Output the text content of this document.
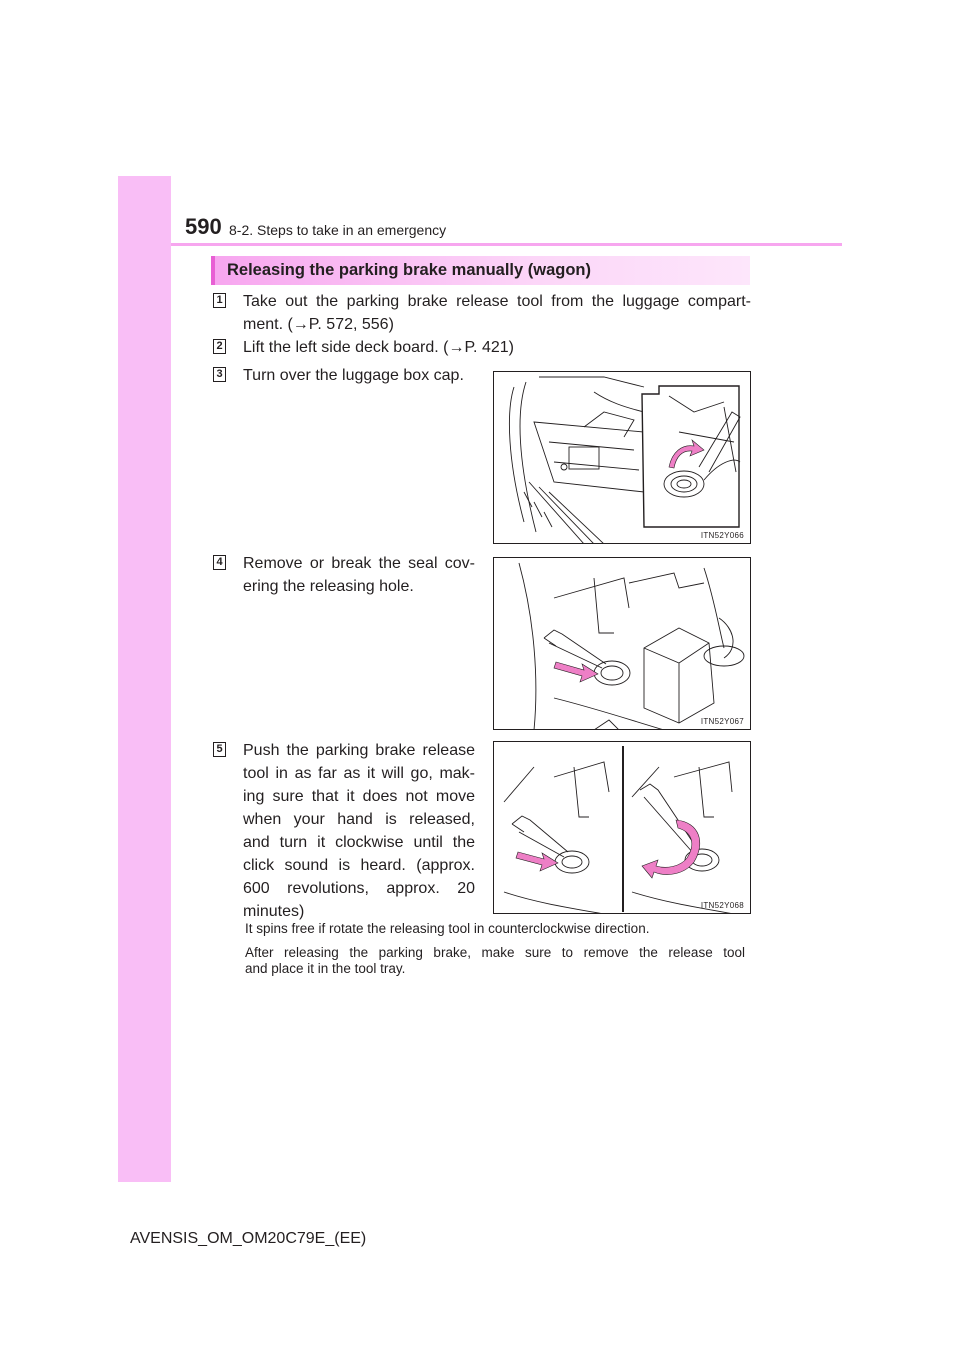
590 8-2. Steps to take in an emergency
Releasing the parking brake manually (wagon)
1 Take out the parking brake release tool from the luggage compart-
ment. (→P. 572, 556)
2 Lift the left side deck board. (→P. 421)
3 Turn over the luggage box cap.
4 Remove or break the seal cov-
ering the releasing hole.
5 Push the parking brake release
tool in as far as it will go, mak-
ing sure that it does not move
when your hand is released,
and turn it clockwise until the
click sound is heard. (approx.
600 revolutions, approx. 20
minutes)
It spins free if rotate the releasing tool in counterclockwise direction.
After releasing the parking brake, make sure to remove the release tool
and place it in the tool tray.
ITN52Y066
ITN52Y067
ITN52Y068
AVENSIS_OM_OM20C79E_(EE)
